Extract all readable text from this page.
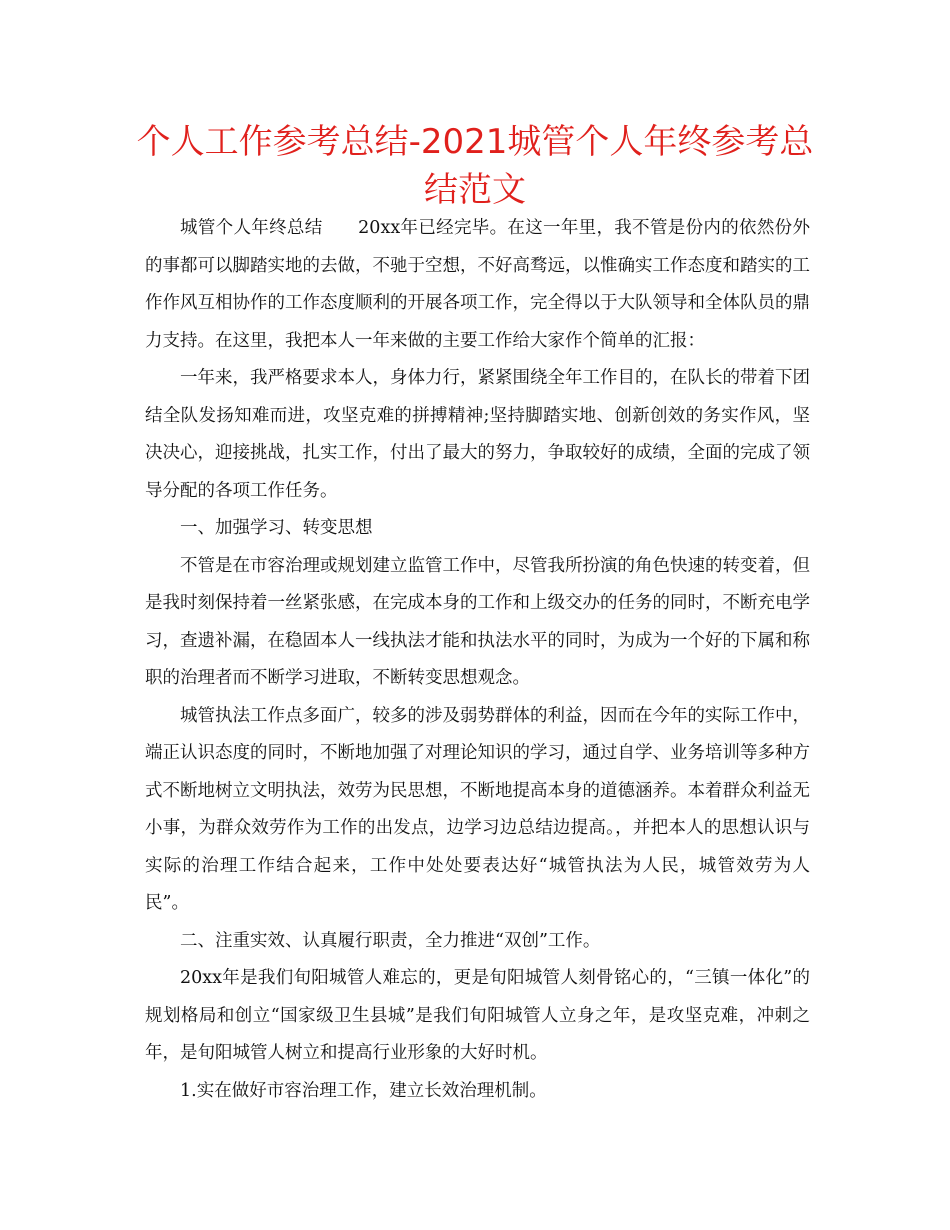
个人工作参考总结-2021城管个人年终参考总结范文

城管个人年终总结　　20xx年已经完毕。在这一年里，我不管是份内的依然份外的事都可以脚踏实地的去做，不驰于空想，不好高骛远，以惟确实工作态度和踏实的工作作风互相协作的工作态度顺利的开展各项工作，完全得以于大队领导和全体队员的鼎力支持。在这里，我把本人一年来做的主要工作给大家作个简单的汇报：

一年来，我严格要求本人，身体力行，紧紧围绕全年工作目的，在队长的带着下团结全队发扬知难而进，攻坚克难的拼搏精神;坚持脚踏实地、创新创效的务实作风，坚决决心，迎接挑战，扎实工作，付出了最大的努力，争取较好的成绩，全面的完成了领导分配的各项工作任务。

一、加强学习、转变思想

不管是在市容治理或规划建立监管工作中，尽管我所扮演的角色快速的转变着，但是我时刻保持着一丝紧张感，在完成本身的工作和上级交办的任务的同时，不断充电学习，查遗补漏，在稳固本人一线执法才能和执法水平的同时，为成为一个好的下属和称职的治理者而不断学习进取，不断转变思想观念。

城管执法工作点多面广，较多的涉及弱势群体的利益，因而在今年的实际工作中，端正认识态度的同时，不断地加强了对理论知识的学习，通过自学、业务培训等多种方式不断地树立文明执法，效劳为民思想，不断地提高本身的道德涵养。本着群众利益无小事，为群众效劳作为工作的出发点，边学习边总结边提高。，并把本人的思想认识与实际的治理工作结合起来，工作中处处要表达好“城管执法为人民，城管效劳为人民”。

二、注重实效、认真履行职责，全力推进“双创”工作。

20xx年是我们旬阳城管人难忘的，更是旬阳城管人刻骨铭心的，“三镇一体化”的规划格局和创立“国家级卫生县城”是我们旬阳城管人立身之年，是攻坚克难，冲刺之年，是旬阳城管人树立和提高行业形象的大好时机。

1.实在做好市容治理工作，建立长效治理机制。
